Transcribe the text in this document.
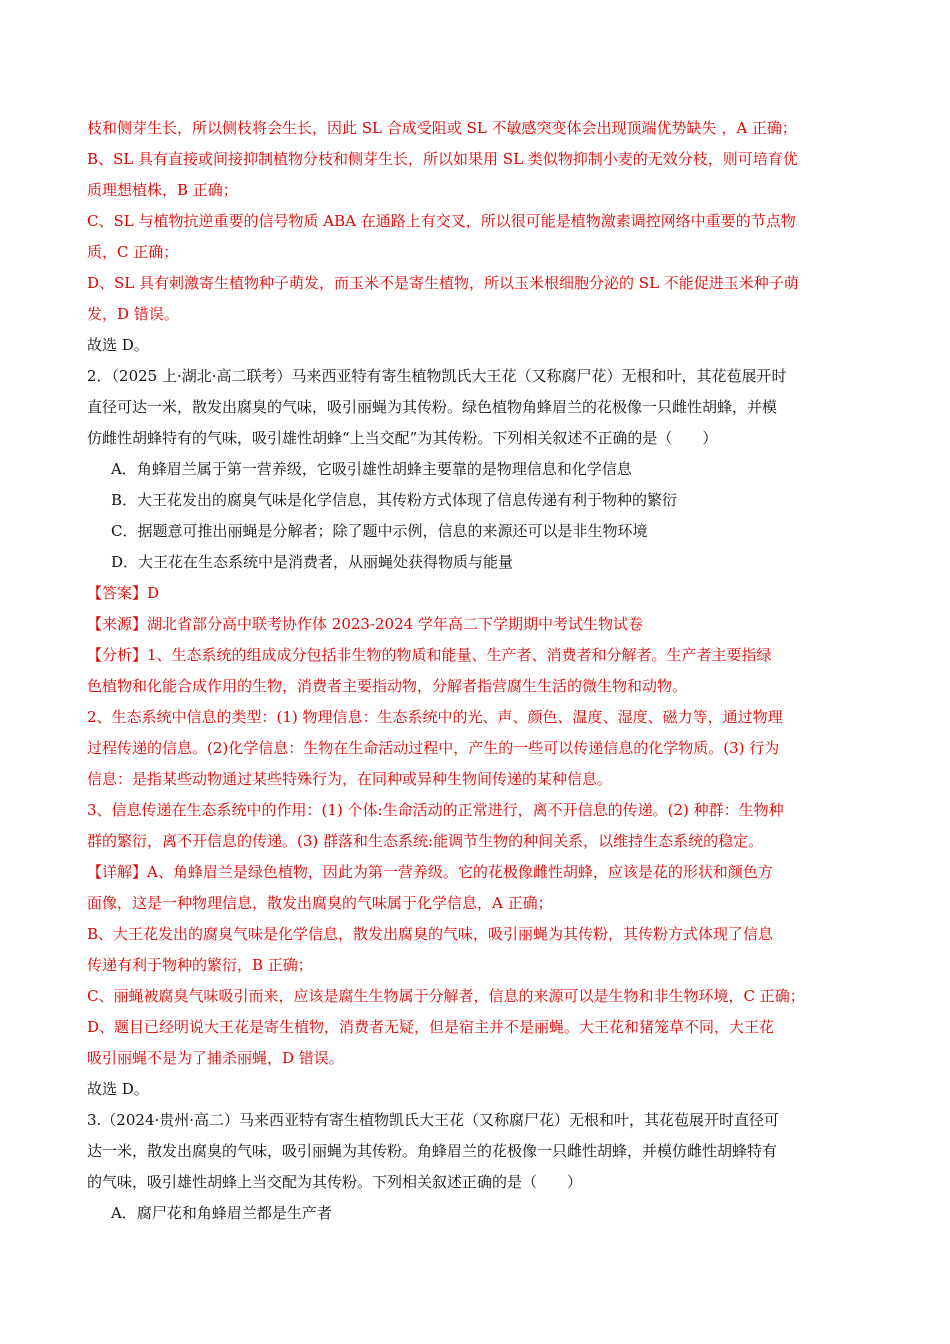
枝和侧芽生长，所以侧枝将会生长，因此 SL 合成受阻或 SL 不敏感突变体会出现顶端优势缺失 ，A 正确；
B、SL 具有直接或间接抑制植物分枝和侧芽生长，所以如果用 SL 类似物抑制小麦的无效分枝，则可培育优
质理想植株，B 正确；
C、SL 与植物抗逆重要的信号物质 ABA 在通路上有交叉，所以很可能是植物激素调控网络中重要的节点物
质，C 正确；
D、SL 具有刺激寄生植物种子萌发，而玉米不是寄生植物，所以玉米根细胞分泌的 SL 不能促进玉米种子萌
发，D 错误。
故选 D。
2．（2025 上·湖北·高二联考）马来西亚特有寄生植物凯氏大王花（又称腐尸花）无根和叶，其花苞展开时
直径可达一米，散发出腐臭的气味，吸引丽蝇为其传粉。绿色植物角蜂眉兰的花极像一只雌性胡蜂，并模
仿雌性胡蜂特有的气味，吸引雄性胡蜂“上当交配”为其传粉。下列相关叙述不正确的是（　　）
A．角蜂眉兰属于第一营养级，它吸引雄性胡蜂主要靠的是物理信息和化学信息
B．大王花发出的腐臭气味是化学信息，其传粉方式体现了信息传递有利于物种的繁衍
C．据题意可推出丽蝇是分解者；除了题中示例，信息的来源还可以是非生物环境
D．大王花在生态系统中是消费者，从丽蝇处获得物质与能量
【答案】D
【来源】湖北省部分高中联考协作体 2023-2024 学年高二下学期期中考试生物试卷
【分析】1、生态系统的组成成分包括非生物的物质和能量、生产者、消费者和分解者。生产者主要指绿
色植物和化能合成作用的生物，消费者主要指动物，分解者指营腐生生活的微生物和动物。
2、生态系统中信息的类型：(1) 物理信息：生态系统中的光、声、颜色、温度、湿度、磁力等，通过物理
过程传递的信息。(2)化学信息：生物在生命活动过程中，产生的一些可以传递信息的化学物质。(3) 行为
信息：是指某些动物通过某些特殊行为，在同种或异种生物间传递的某种信息。
3、信息传递在生态系统中的作用：(1) 个体:生命活动的正常进行，离不开信息的传递。(2) 种群：生物种
群的繁衍，离不开信息的传递。(3) 群落和生态系统:能调节生物的种间关系，以维持生态系统的稳定。
【详解】A、角蜂眉兰是绿色植物，因此为第一营养级。它的花极像雌性胡蜂，应该是花的形状和颜色方
面像，这是一种物理信息，散发出腐臭的气味属于化学信息，A 正确；
B、大王花发出的腐臭气味是化学信息，散发出腐臭的气味，吸引丽蝇为其传粉，其传粉方式体现了信息
传递有利于物种的繁衍，B 正确；
C、丽蝇被腐臭气味吸引而来，应该是腐生生物属于分解者，信息的来源可以是生物和非生物环境，C 正确；
D、题目已经明说大王花是寄生植物，消费者无疑，但是宿主并不是丽蝇。大王花和猪笼草不同，大王花
吸引丽蝇不是为了捕杀丽蝇，D 错误。
故选 D。
3.（2024·贵州·高二）马来西亚特有寄生植物凯氏大王花（又称腐尸花）无根和叶，其花苞展开时直径可
达一米，散发出腐臭的气味，吸引丽蝇为其传粉。角蜂眉兰的花极像一只雌性胡蜂，并模仿雌性胡蜂特有
的气味，吸引雄性胡蜂上当交配为其传粉。下列相关叙述正确的是（　　）
A．腐尸花和角蜂眉兰都是生产者
